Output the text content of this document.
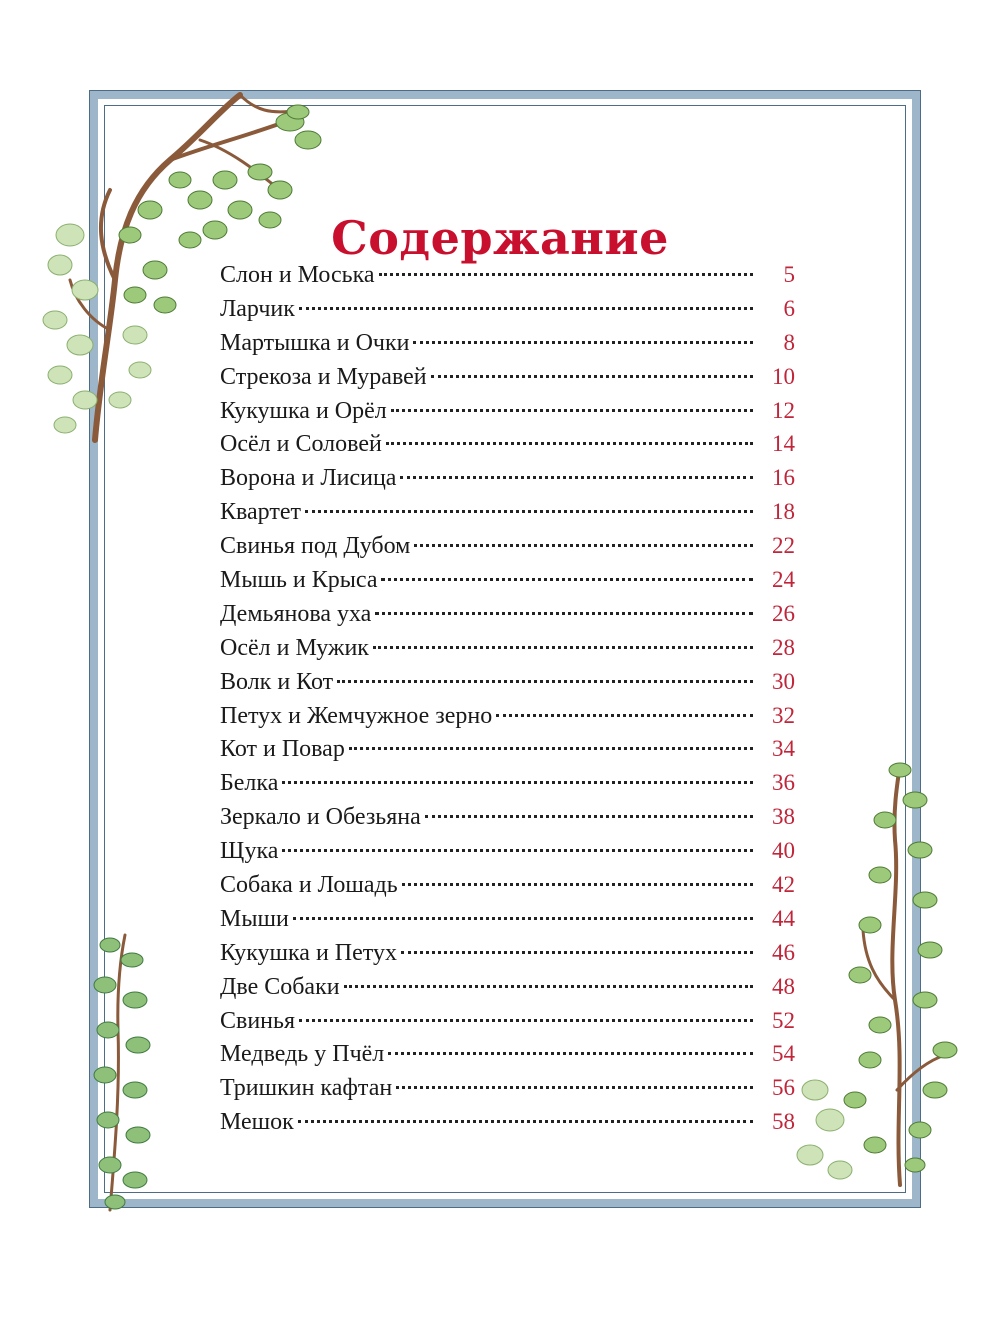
Содержание
Слон и Моська	5
Ларчик	6
Мартышка и Очки	8
Стрекоза и Муравей	10
Кукушка и Орёл	12
Осёл и Соловей	14
Ворона и Лисица	16
Квартет	18
Свинья под Дубом	22
Мышь и Крыса	24
Демьянова уха	26
Осёл и Мужик	28
Волк и Кот	30
Петух и Жемчужное зерно	32
Кот и Повар	34
Белка	36
Зеркало и Обезьяна	38
Щука	40
Собака и Лошадь	42
Мыши	44
Кукушка и Петух	46
Две Собаки	48
Свинья	52
Медведь у Пчёл	54
Тришкин кафтан	56
Мешок	58
